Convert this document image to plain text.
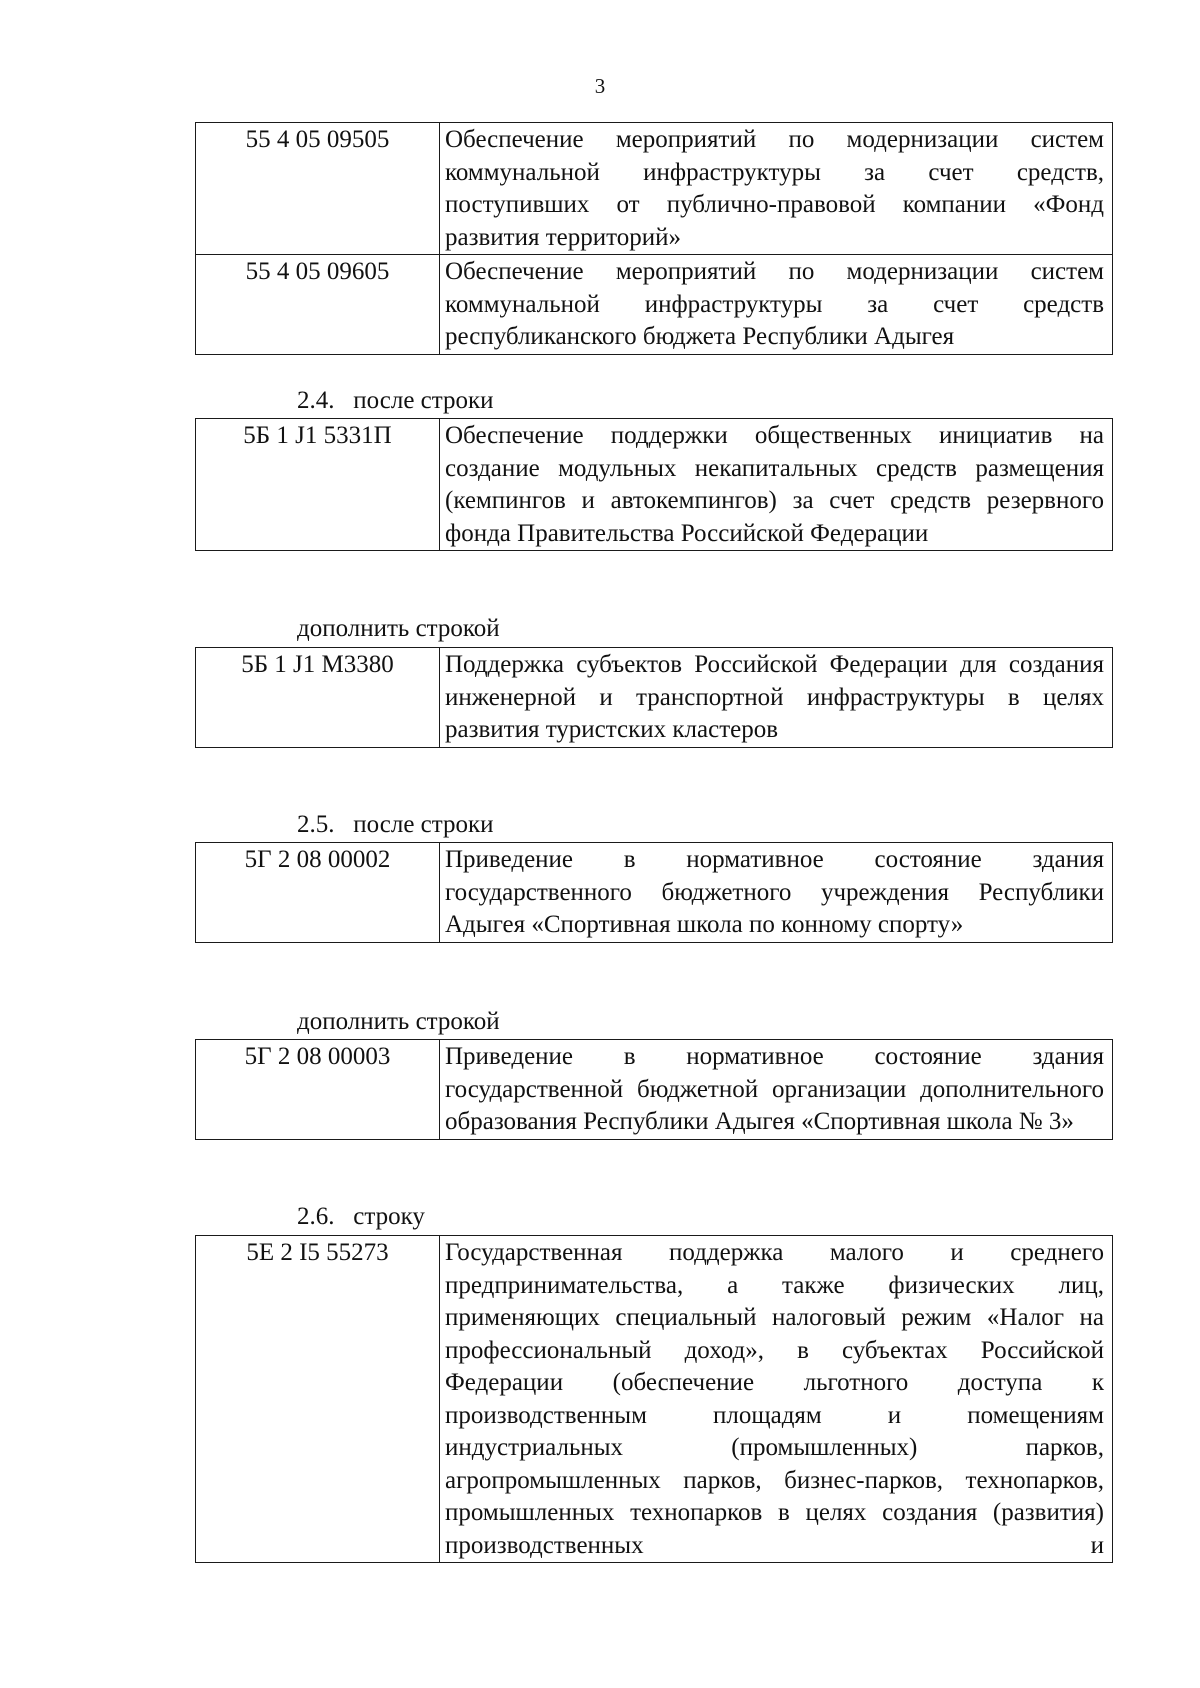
3
55 4 05 09505	Обеспечение мероприятий по модернизации систем коммунальной инфраструктуры за счет средств, поступивших от публично-правовой компании «Фонд развития территорий»
55 4 05 09605	Обеспечение мероприятий по модернизации систем коммунальной инфраструктуры за счет средств республиканского бюджета Республики Адыгея
2.4.   после строки
5Б 1 J1 5331П	Обеспечение поддержки общественных инициатив на создание модульных некапитальных средств размещения (кемпингов и автокемпингов) за счет средств резервного фонда Правительства Российской Федерации
дополнить строкой
5Б 1 J1 М3380	Поддержка субъектов Российской Федерации для создания инженерной и транспортной инфраструктуры в целях развития туристских кластеров
2.5.   после строки
5Г 2 08 00002	Приведение в нормативное состояние здания государственного бюджетного учреждения Республики Адыгея «Спортивная школа по конному спорту»
дополнить строкой
5Г 2 08 00003	Приведение в нормативное состояние здания государственной бюджетной организации дополнительного образования Республики Адыгея «Спортивная школа № 3»
2.6.   строку
5Е 2 I5 55273	Государственная поддержка малого и среднего предпринимательства, а также физических лиц, применяющих специальный налоговый режим «Налог на профессиональный доход», в субъектах Российской Федерации (обеспечение льготного доступа к производственным площадям и помещениям индустриальных (промышленных) парков, агропромышленных парков, бизнес-парков, технопарков, промышленных технопарков в целях создания (развития) производственных и
